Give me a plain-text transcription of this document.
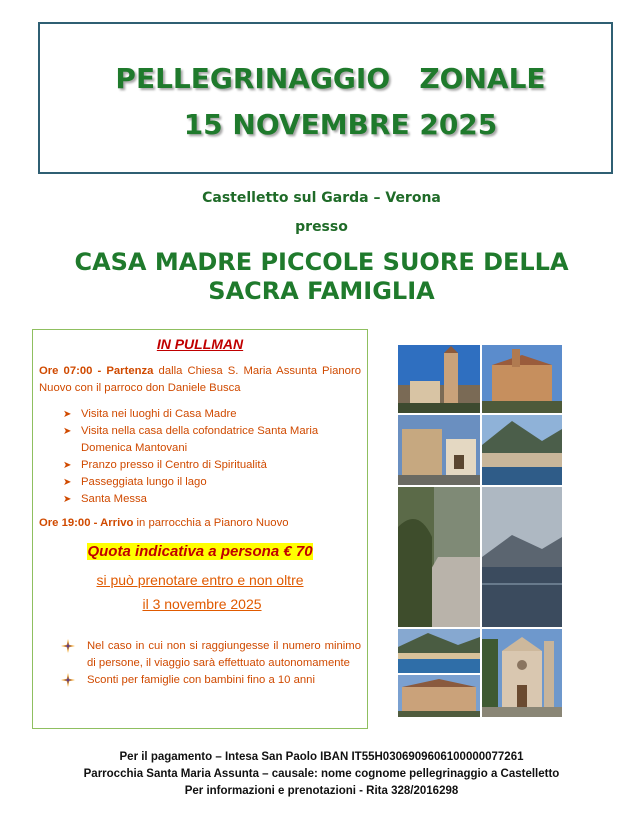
PELLEGRINAGGIO   ZONALE
15 NOVEMBRE 2025
Castelletto sul Garda – Verona
presso
CASA MADRE PICCOLE SUORE DELLA
SACRA FAMIGLIA
IN PULLMAN
Ore 07:00 - Partenza dalla Chiesa S. Maria Assunta Pianoro Nuovo con il parroco don Daniele Busca
➤ Visita nei luoghi di Casa Madre
➤ Visita nella casa della cofondatrice Santa Maria Domenica Mantovani
➤ Pranzo presso il Centro di Spiritualità
➤ Passeggiata lungo il lago
➤ Santa Messa
Ore 19:00 - Arrivo in parrocchia a Pianoro Nuovo
Quota indicativa a persona € 70
si può prenotare entro e non oltre
il 3 novembre 2025
Nel caso in cui non si raggiungesse il numero minimo di persone, il viaggio sarà effettuato autonomamente
Sconti per famiglie con bambini fino a 10 anni
Per il pagamento – Intesa San Paolo IBAN IT55H0306909606100000077261
Parrocchia Santa Maria Assunta – causale: nome cognome pellegrinaggio a Castelletto
Per informazioni e prenotazioni - Rita 328/2016298
